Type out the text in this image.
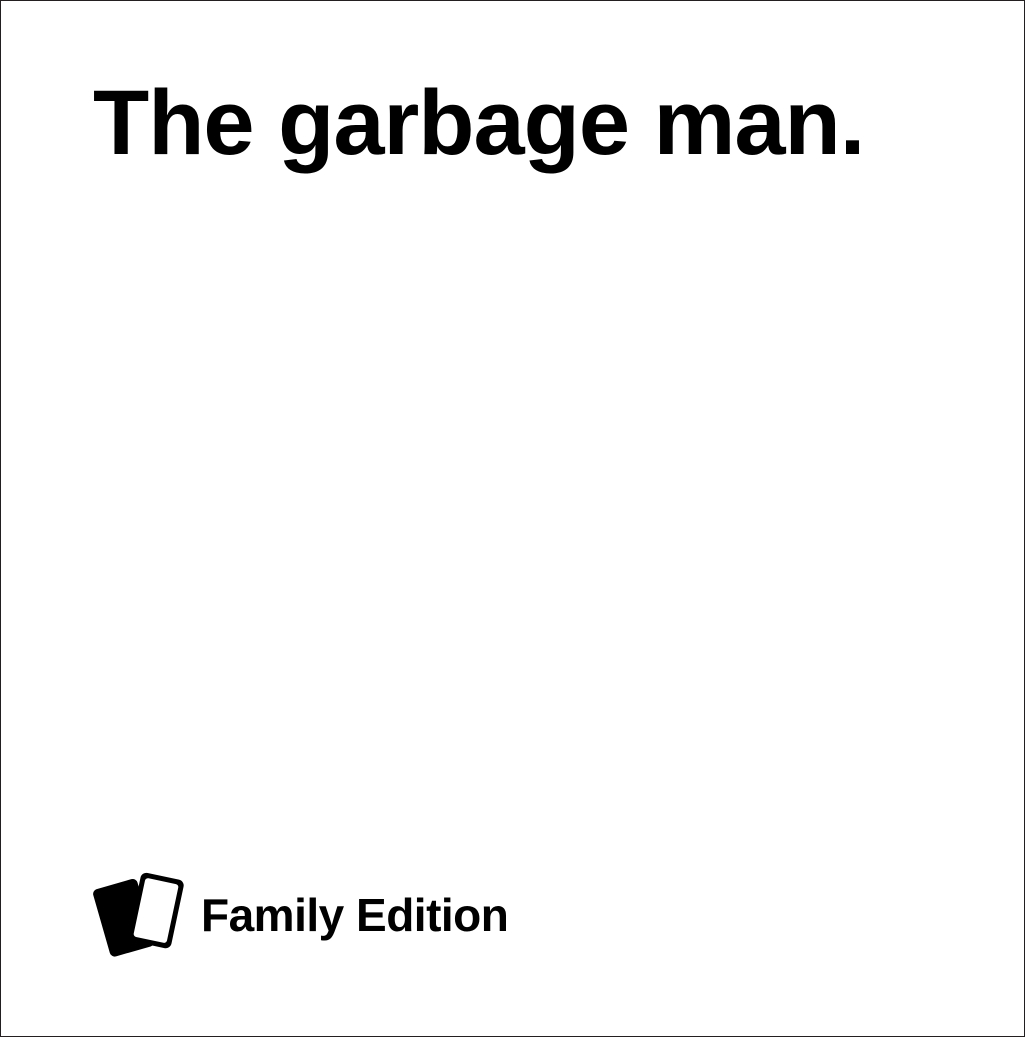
The garbage man.
Family Edition
